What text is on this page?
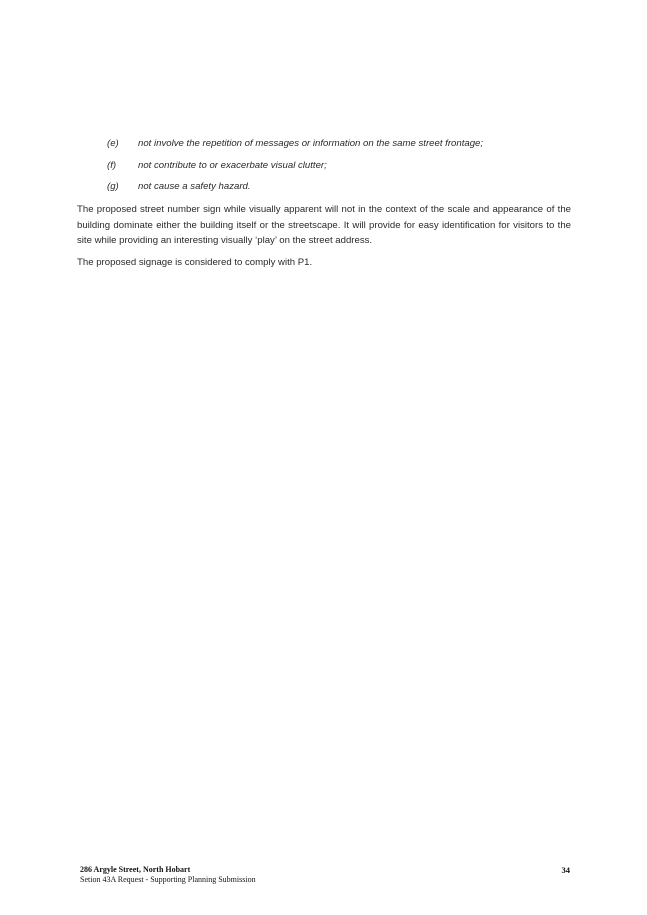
(e)	not involve the repetition of messages or information on the same street frontage;
(f)	not contribute to or exacerbate visual clutter;
(g)	not cause a safety hazard.

The proposed street number sign while visually apparent will not in the context of the scale and appearance of the building dominate either the building itself or the streetscape. It will provide for easy identification for visitors to the site while providing an interesting visually ‘play’ on the street address.

The proposed signage is considered to comply with P1.

286 Argyle Street, North Hobart
Setion 43A Request - Supporting Planning Submission
34
